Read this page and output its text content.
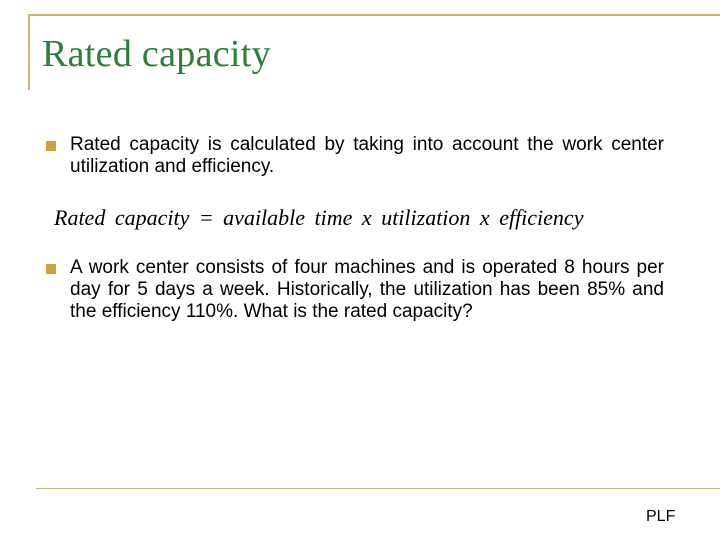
Rated capacity
Rated capacity is calculated by taking into account the work center utilization and efficiency.
Rated capacity = available time x utilization x efficiency
A work center consists of four machines and is operated 8 hours per day for 5 days a week. Historically, the utilization has been 85% and the efficiency 110%. What is the rated capacity?
PLF
